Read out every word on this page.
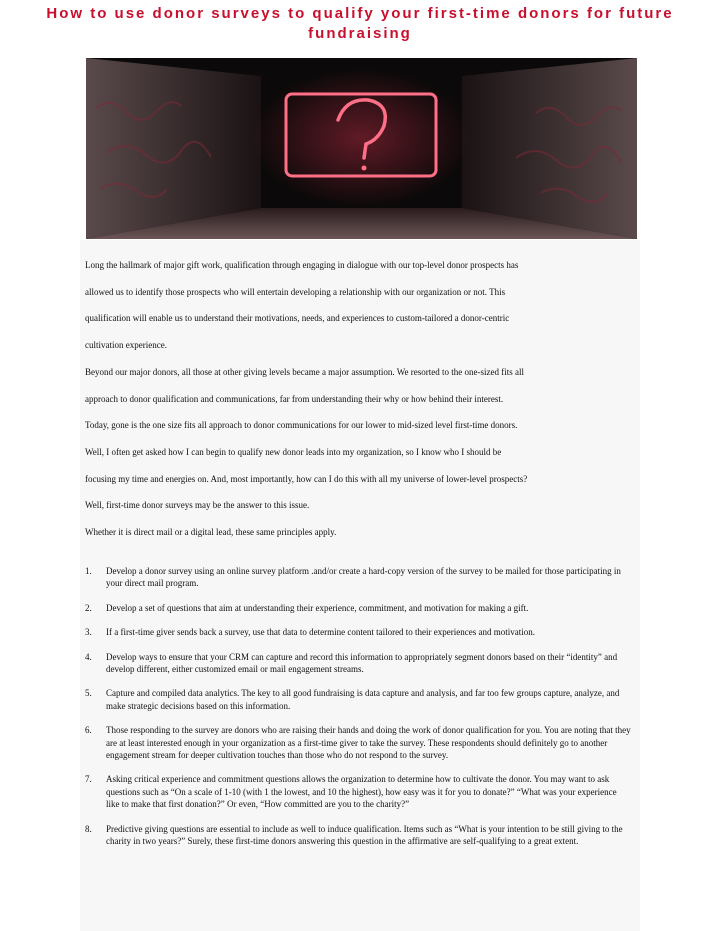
How to use donor surveys to qualify your first-time donors for future fundraising

Long the hallmark of major gift work, qualification through engaging in dialogue with our top-level donor prospects has

allowed us to identify those prospects who will entertain developing a relationship with our organization or not. This

qualification will enable us to understand their motivations, needs, and experiences to custom-tailored a donor-centric

cultivation experience.

Beyond our major donors, all those at other giving levels became a major assumption. We resorted to the one-sized fits all

approach to donor qualification and communications, far from understanding their why or how behind their interest.

Today, gone is the one size fits all approach to donor communications for our lower to mid-sized level first-time donors.

Well, I often get asked how I can begin to qualify new donor leads into my organization, so I know who I should be

focusing my time and energies on. And, most importantly, how can I do this with all my universe of lower-level prospects?

Well, first-time donor surveys may be the answer to this issue.

Whether it is direct mail or a digital lead, these same principles apply.

1.	Develop a donor survey using an online survey platform .and/or create a hard-copy version of the survey to be mailed for those participating in your direct mail program.
2.	Develop a set of questions that aim at understanding their experience, commitment, and motivation for making a gift.
3.	If a first-time giver sends back a survey, use that data to determine content tailored to their experiences and motivation.
4.	Develop ways to ensure that your CRM can capture and record this information to appropriately segment donors based on their “identity” and develop different, either customized email or mail engagement streams.
5.	Capture and compiled data analytics. The key to all good fundraising is data capture and analysis, and far too few groups capture, analyze, and make strategic decisions based on this information.
6.	Those responding to the survey are donors who are raising their hands and doing the work of donor qualification for you. You are noting that they are at least interested enough in your organization as a first-time giver to take the survey. These respondents should definitely go to another engagement stream for deeper cultivation touches than those who do not respond to the survey.
7.	Asking critical experience and commitment questions allows the organization to determine how to cultivate the donor. You may want to ask questions such as “On a scale of 1-10 (with 1 the lowest, and 10 the highest), how easy was it for you to donate?” “What was your experience like to make that first donation?” Or even, “How committed are you to the charity?”
8.	Predictive giving questions are essential to include as well to induce qualification. Items such as “What is your intention to be still giving to the charity in two years?” Surely, these first-time donors answering this question in the affirmative are self-qualifying to a great extent.
